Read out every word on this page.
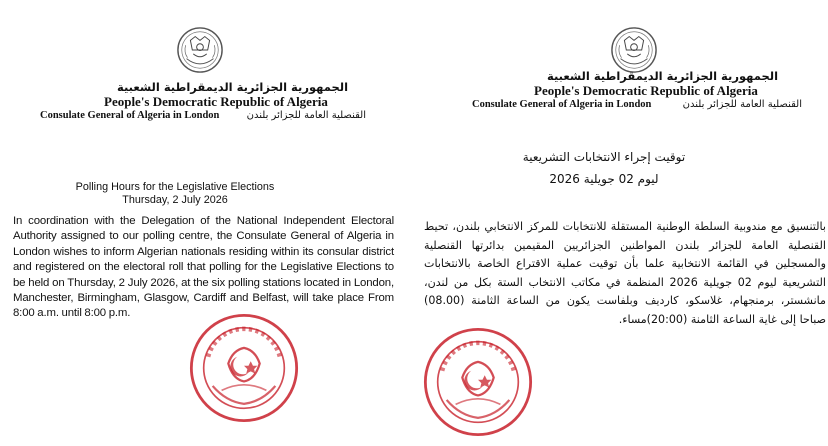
الجمهورية الجزائرية الديمقراطية الشعبية
People's Democratic Republic of Algeria
Consulate General of Algeria in London	القنصلية العامة للجزائر بلندن
Polling Hours for the Legislative Elections
Thursday, 2 July 2026
In coordination with the Delegation of the National Independent Electoral Authority assigned to our polling centre, the Consulate General of Algeria in London wishes to inform Algerian nationals residing within its consular district and registered on the electoral roll that polling for the Legislative Elections to be held on Thursday, 2 July 2026, at the six polling stations located in London, Manchester, Birmingham, Glasgow, Cardiff and Belfast, will take place From 8:00 a.m. until 8:00 p.m.
الجمهورية الجزائرية الديمقراطية الشعبية
People's Democratic Republic of Algeria
Consulate General of Algeria in London	القنصلية العامة للجزائر بلندن
توقيت إجراء الانتخابات التشريعية
ليوم 02 جويلية 2026
بالتنسيق مع مندوبية السلطة الوطنية المستقلة للانتخابات للمركز الانتخابي بلندن، تحيط القنصلية العامة للجزائر بلندن المواطنين الجزائريين المقيمين بدائرتها القنصلية والمسجلين في القائمة الانتخابية علما بأن توقيت عملية الاقتراع الخاصة بالانتخابات التشريعية ليوم 02 جويلية 2026 المنظمة في مكاتب الانتخاب الستة بكل من لندن، مانشستر، برمنجهام، غلاسكو، كارديف وبلفاست يكون من الساعة الثامنة (08.00) صباحا إلى غاية الساعة الثامنة (20:00)مساء.
